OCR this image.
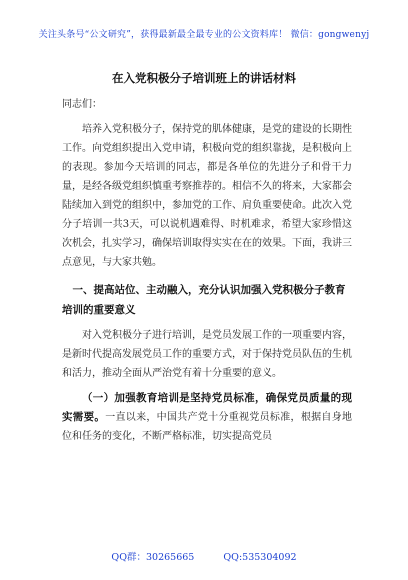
关注头条号“公文研究”，获得最新最全最专业的公文资料库！ 微信：gongwenyj
在入党积极分子培训班上的讲话材料

同志们：

培养入党积极分子，保持党的肌体健康，是党的建设的长期性工作。向党组织提出入党申请，积极向党的组织靠拢，是积极向上的表现。参加今天培训的同志，都是各单位的先进分子和骨干力量，是经各级党组织慎重考察推荐的。相信不久的将来，大家都会陆续加入到党的组织中，参加党的工作、肩负重要使命。此次入党分子培训一共3天，可以说机遇难得、时机难求，希望大家珍惜这次机会，扎实学习，确保培训取得实实在在的效果。下面，我讲三点意见，与大家共勉。

一、提高站位、主动融入，充分认识加强入党积极分子教育培训的重要意义

对入党积极分子进行培训，是党员发展工作的一项重要内容，是新时代提高发展党员工作的重要方式，对于保持党员队伍的生机和活力，推动全面从严治党有着十分重要的意义。

（一）加强教育培训是坚持党员标准，确保党员质量的现实需要。一直以来，中国共产党十分重视党员标准，根据自身地位和任务的变化，不断严格标准，切实提高党员

QQ群：30265665	QQ:535304092
